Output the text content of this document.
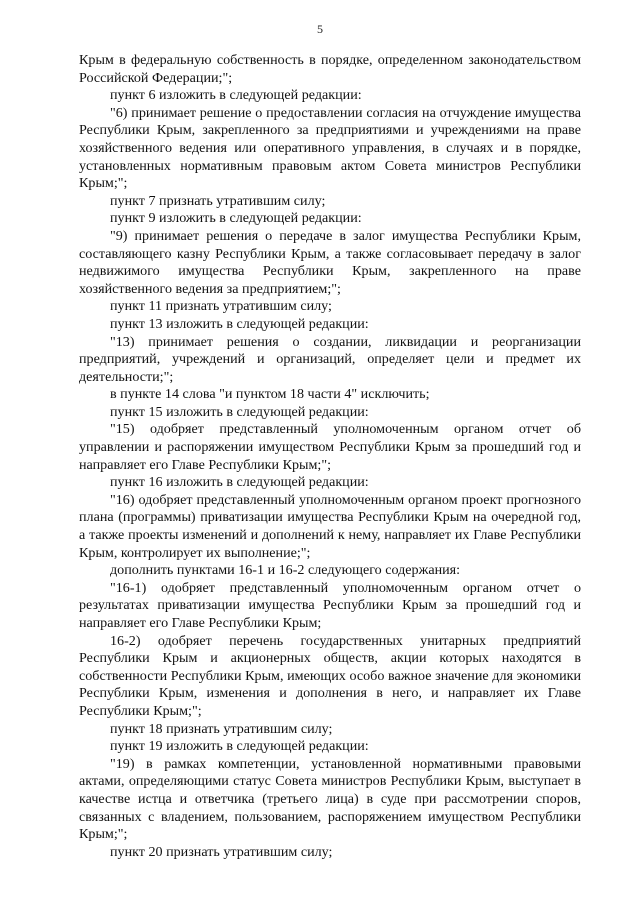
5

Крым в федеральную собственность в порядке, определенном законодательством Российской Федерации;";

пункт 6 изложить в следующей редакции:

"6) принимает решение о предоставлении согласия на отчуждение имущества Республики Крым, закрепленного за предприятиями и учреждениями на праве хозяйственного ведения или оперативного управления, в случаях и в порядке, установленных нормативным правовым актом Совета министров Республики Крым;";

пункт 7 признать утратившим силу;

пункт 9 изложить в следующей редакции:

"9) принимает решения о передаче в залог имущества Республики Крым, составляющего казну Республики Крым, а также согласовывает передачу в залог недвижимого имущества Республики Крым, закрепленного на праве хозяйственного ведения за предприятием;";

пункт 11 признать утратившим силу;

пункт 13 изложить в следующей редакции:

"13) принимает решения о создании, ликвидации и реорганизации предприятий, учреждений и организаций, определяет цели и предмет их деятельности;";

в пункте 14 слова "и пунктом 18 части 4" исключить;

пункт 15 изложить в следующей редакции:

"15) одобряет представленный уполномоченным органом отчет об управлении и распоряжении имуществом Республики Крым за прошедший год и направляет его Главе Республики Крым;";

пункт 16 изложить в следующей редакции:

"16) одобряет представленный уполномоченным органом проект прогнозного плана (программы) приватизации имущества Республики Крым на очередной год, а также проекты изменений и дополнений к нему, направляет их Главе Республики Крым, контролирует их выполнение;";

дополнить пунктами 16-1 и 16-2 следующего содержания:

"16-1) одобряет представленный уполномоченным органом отчет о результатах приватизации имущества Республики Крым за прошедший год и направляет его Главе Республики Крым;

16-2) одобряет перечень государственных унитарных предприятий Республики Крым и акционерных обществ, акции которых находятся в собственности Республики Крым, имеющих особо важное значение для экономики Республики Крым, изменения и дополнения в него, и направляет их Главе Республики Крым;";

пункт 18 признать утратившим силу;

пункт 19 изложить в следующей редакции:

"19) в рамках компетенции, установленной нормативными правовыми актами, определяющими статус Совета министров Республики Крым, выступает в качестве истца и ответчика (третьего лица) в суде при рассмотрении споров, связанных с владением, пользованием, распоряжением имуществом Республики Крым;";

пункт 20 признать утратившим силу;
